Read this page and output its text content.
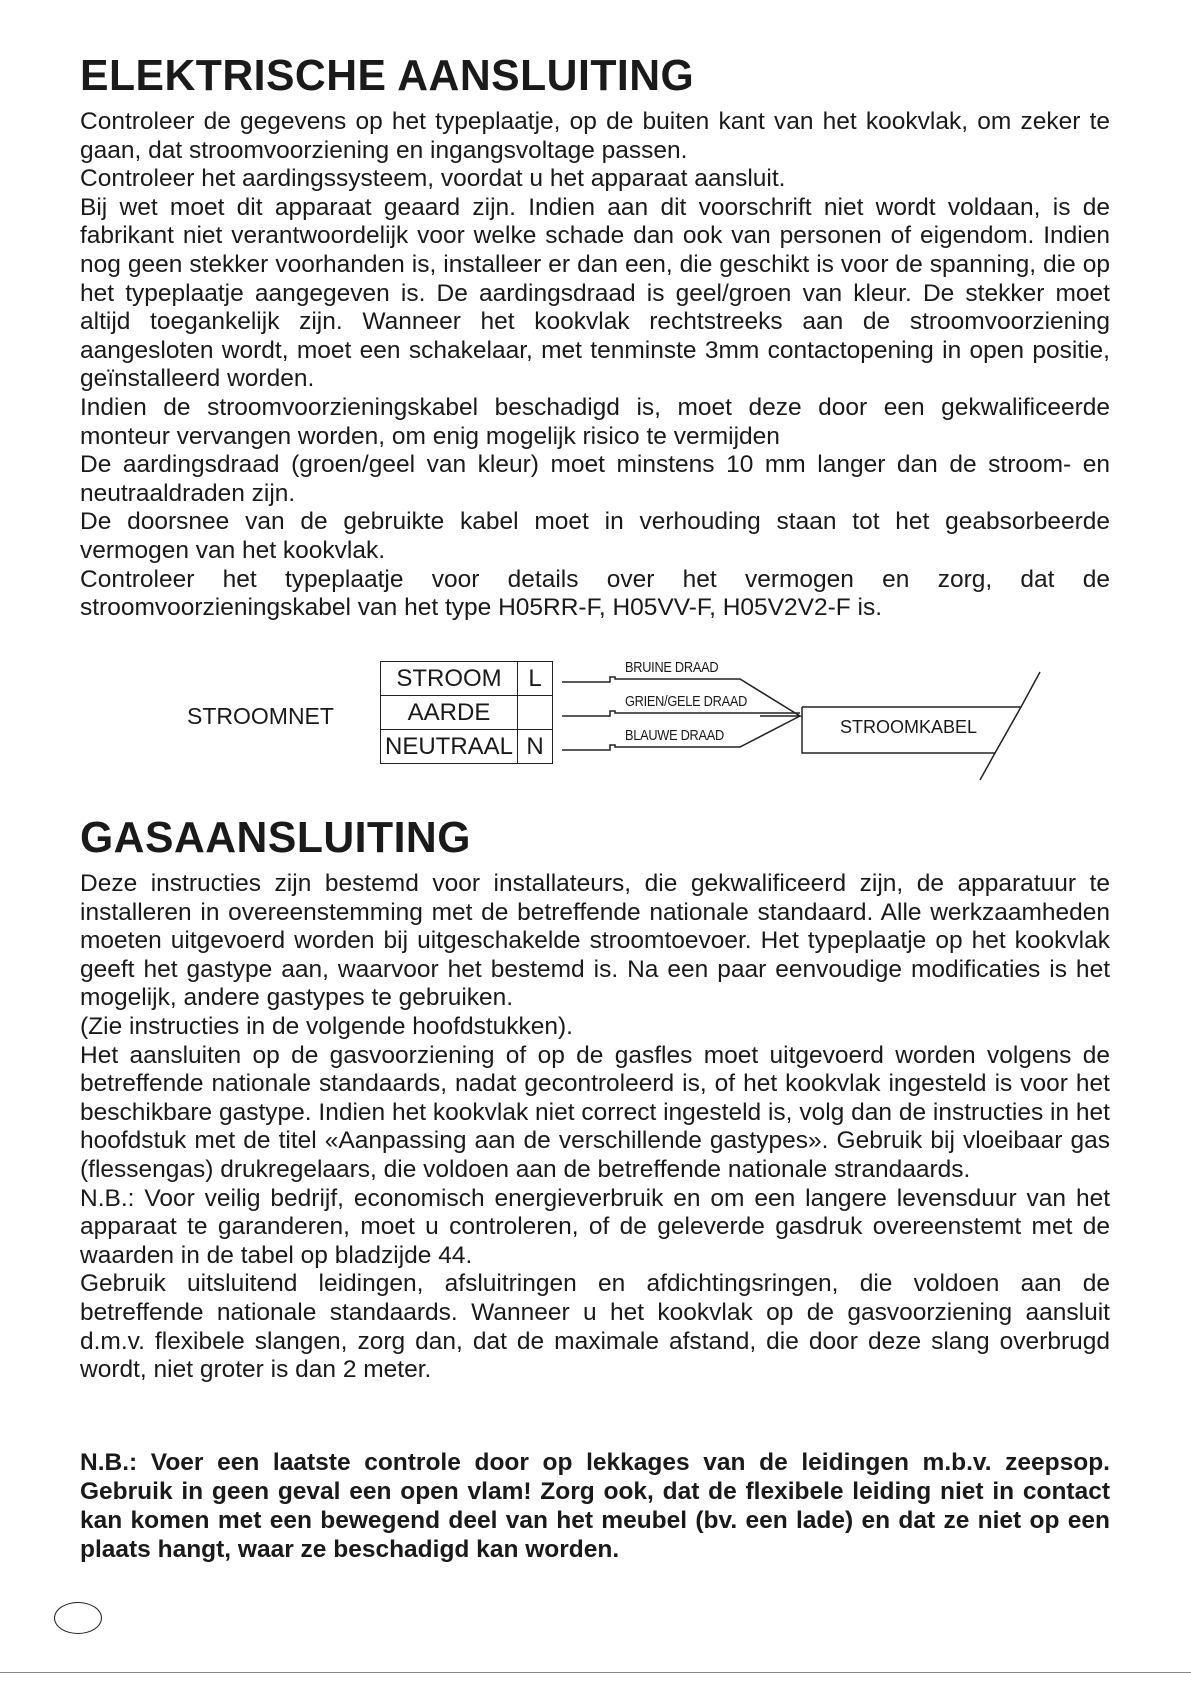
ELEKTRISCHE AANSLUITING

Controleer de gegevens op het typeplaatje, op de buiten kant van het kookvlak, om zeker te gaan, dat stroomvoorziening en ingangsvoltage passen.

Controleer het aardingssysteem, voordat u het apparaat aansluit.

Bij wet moet dit apparaat geaard zijn. Indien aan dit voorschrift niet wordt voldaan, is de fabrikant niet verantwoordelijk voor welke schade dan ook van personen of eigendom. Indien nog geen stekker voorhanden is, installeer er dan een, die geschikt is voor de spanning, die op het typeplaatje aangegeven is. De aardingsdraad is geel/groen van kleur. De stekker moet altijd toegankelijk zijn. Wanneer het kookvlak rechtstreeks aan de stroomvoorziening aangesloten wordt, moet een schakelaar, met tenminste 3mm contactopening in open positie, geïnstalleerd worden.

Indien de stroomvoorzieningskabel beschadigd is, moet deze door een gekwalificeerde monteur vervangen worden, om enig mogelijk risico te vermijden

De aardingsdraad (groen/geel van kleur) moet minstens 10 mm langer dan de stroom- en neutraaldraden zijn.

De doorsnee van de gebruikte kabel moet in verhouding staan tot het geabsorbeerde vermogen van het kookvlak.

Controleer het typeplaatje voor details over het vermogen en zorg, dat de stroomvoorzieningskabel van het type H05RR-F, H05VV-F, H05V2V2-F is.

STROOMNET
STROOM	L
AARDE	
NEUTRAAL	N
BRUINE DRAAD
GRIEN/GELE DRAAD
BLAUWE DRAAD	STROOMKABEL
GASAANSLUITING

Deze instructies zijn bestemd voor installateurs, die gekwalificeerd zijn, de apparatuur te installeren in overeenstemming met de betreffende nationale standaard. Alle werkzaamheden moeten uitgevoerd worden bij uitgeschakelde stroomtoevoer. Het typeplaatje op het kookvlak geeft het gastype aan, waarvoor het bestemd is. Na een paar eenvoudige modificaties is het mogelijk, andere gastypes te gebruiken.

(Zie instructies in de volgende hoofdstukken).

Het aansluiten op de gasvoorziening of op de gasfles moet uitgevoerd worden volgens de betreffende nationale standaards, nadat gecontroleerd is, of het kookvlak ingesteld is voor het beschikbare gastype. Indien het kookvlak niet correct ingesteld is, volg dan de instructies in het hoofdstuk met de titel «Aanpassing aan de verschillende gastypes». Gebruik bij vloeibaar gas (flessengas) drukregelaars, die voldoen aan de betreffende nationale strandaards.

N.B.: Voor veilig bedrijf, economisch energieverbruik en om een langere levensduur van het apparaat te garanderen, moet u controleren, of de geleverde gasdruk overeenstemt met de waarden in de tabel op bladzijde 44.

Gebruik uitsluitend leidingen, afsluitringen en afdichtingsringen, die voldoen aan de betreffende nationale standaards. Wanneer u het kookvlak op de gasvoorziening aansluit d.m.v. flexibele slangen, zorg dan, dat de maximale afstand, die door deze slang overbrugd wordt, niet groter is dan 2 meter.

N.B.: Voer een laatste controle door op lekkages van de leidingen m.b.v. zeepsop. Gebruik in geen geval een open vlam! Zorg ook, dat de flexibele leiding niet in contact kan komen met een bewegend deel van het meubel (bv. een lade) en dat ze niet op een plaats hangt, waar ze beschadigd kan worden.
